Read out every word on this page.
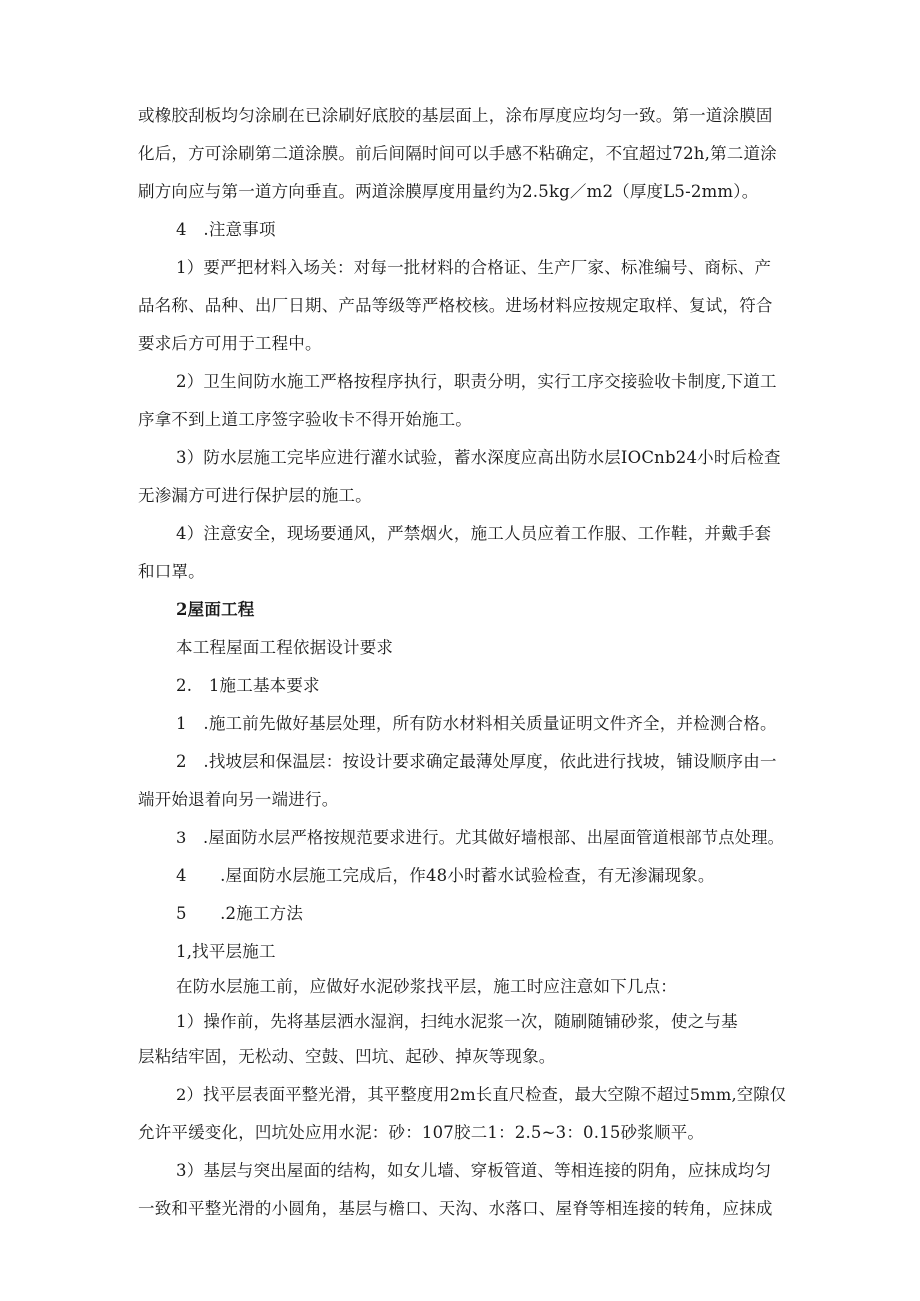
或橡胶刮板均匀涂刷在已涂刷好底胶的基层面上，涂布厚度应均匀一致。第一道涂膜固
化后，方可涂刷第二道涂膜。前后间隔时间可以手感不粘确定，不宜超过72h,第二道涂
刷方向应与第一道方向垂直。两道涂膜厚度用量约为2.5kg／m2（厚度L5-2mm）。
4　.注意事项
1）要严把材料入场关：对每一批材料的合格证、生产厂家、标准编号、商标、产
品名称、品种、出厂日期、产品等级等严格校核。进场材料应按规定取样、复试，符合
要求后方可用于工程中。
2）卫生间防水施工严格按程序执行，职责分明，实行工序交接验收卡制度,下道工
序拿不到上道工序签字验收卡不得开始施工。
3）防水层施工完毕应进行灌水试验，蓄水深度应高出防水层IOCnb24小时后检查
无渗漏方可进行保护层的施工。
4）注意安全，现场要通风，严禁烟火，施工人员应着工作服、工作鞋，并戴手套
和口罩。
2屋面工程
本工程屋面工程依据设计要求
2.　1施工基本要求
1　.施工前先做好基层处理，所有防水材料相关质量证明文件齐全，并检测合格。
2　.找坡层和保温层：按设计要求确定最薄处厚度，依此进行找坡，铺设顺序由一
端开始退着向另一端进行。
3　.屋面防水层严格按规范要求进行。尤其做好墙根部、出屋面管道根部节点处理。
4　　.屋面防水层施工完成后，作48小时蓄水试验检查，有无渗漏现象。
5　　.2施工方法
1,找平层施工
在防水层施工前，应做好水泥砂浆找平层，施工时应注意如下几点：
1）操作前，先将基层洒水湿润，扫纯水泥浆一次，随刷随铺砂浆，使之与基
层粘结牢固，无松动、空鼓、凹坑、起砂、掉灰等现象。
2）找平层表面平整光滑，其平整度用2m长直尺检查，最大空隙不超过5mm,空隙仅
允许平缓变化，凹坑处应用水泥：砂：107胶二1：2.5~3：0.15砂浆顺平。
3）基层与突出屋面的结构，如女儿墙、穿板管道、等相连接的阴角，应抹成均匀
一致和平整光滑的小圆角，基层与檐口、天沟、水落口、屋脊等相连接的转角，应抹成
